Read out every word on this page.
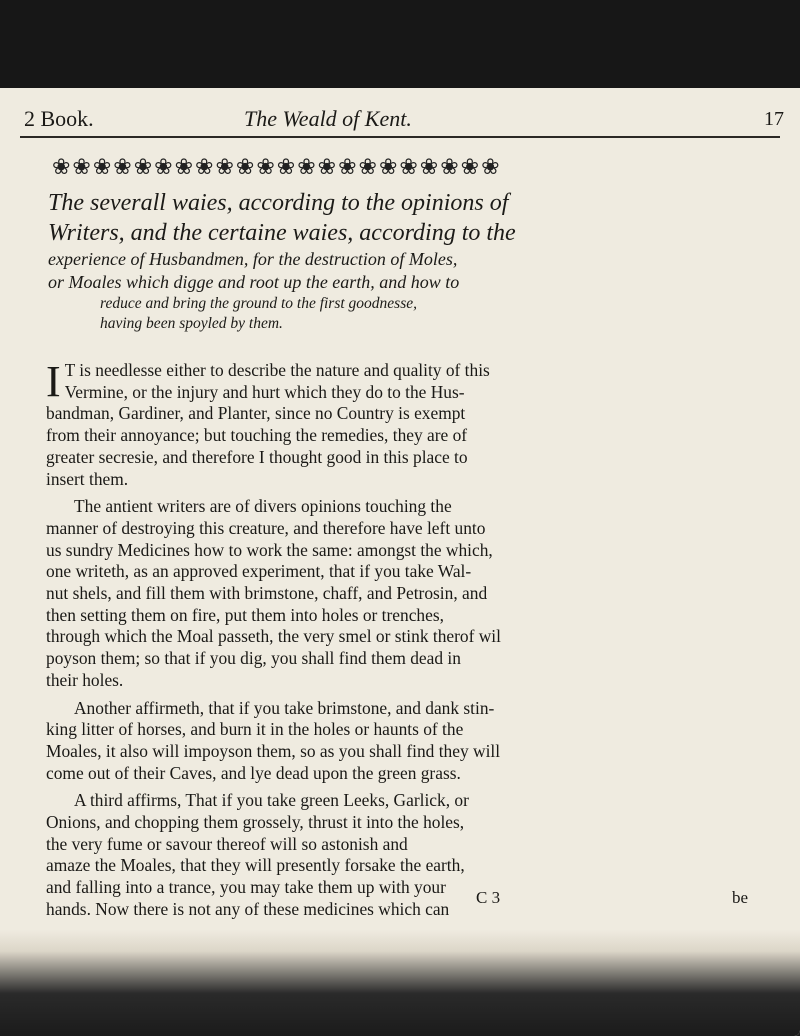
2 Book.	The Weald of Kent.	17
❀❀❀❀❀❀❀❀❀❀❀❀❀❀❀❀❀❀❀❀❀❀
The severall waies, according to the opinions of
Writers, and the certaine waies, according to the
experience of Husbandmen, for the destruction of Moles,
or Moales which digge and root up the earth, and how to
reduce and bring the ground to the first goodnesse,
having been spoyled by them.
I T is needlesse either to describe the nature and quality of this
Vermine, or the injury and hurt which they do to the Hus-
bandman, Gardiner, and Planter, since no Country is exempt
from their annoyance; but touching the remedies, they are of
greater secresie, and therefore I thought good in this place to
insert them.
The antient writers are of divers opinions touching the
manner of destroying this creature, and therefore have left unto
us sundry Medicines how to work the same: amongst the which,
one writeth, as an approved experiment, that if you take Wal-
nut shels, and fill them with brimstone, chaff, and Petrosin, and
then setting them on fire, put them into holes or trenches,
through which the Moal passeth, the very smel or stink therof wil
poyson them; so that if you dig, you shall find them dead in
their holes.
Another affirmeth, that if you take brimstone, and dank stin-
king litter of horses, and burn it in the holes or haunts of the
Moales, it also will impoyson them, so as you shall find they will
come out of their Caves, and lye dead upon the green grass.
A third affirms, That if you take green Leeks, Garlick, or
Onions, and chopping them grossely, thrust it into the holes,
the very fume or savour thereof will so astonish and
amaze the Moales, that they will presently forsake the earth,
and falling into a trance, you may take them up with your
hands. Now there is not any of these medicines which can
C 3	be
